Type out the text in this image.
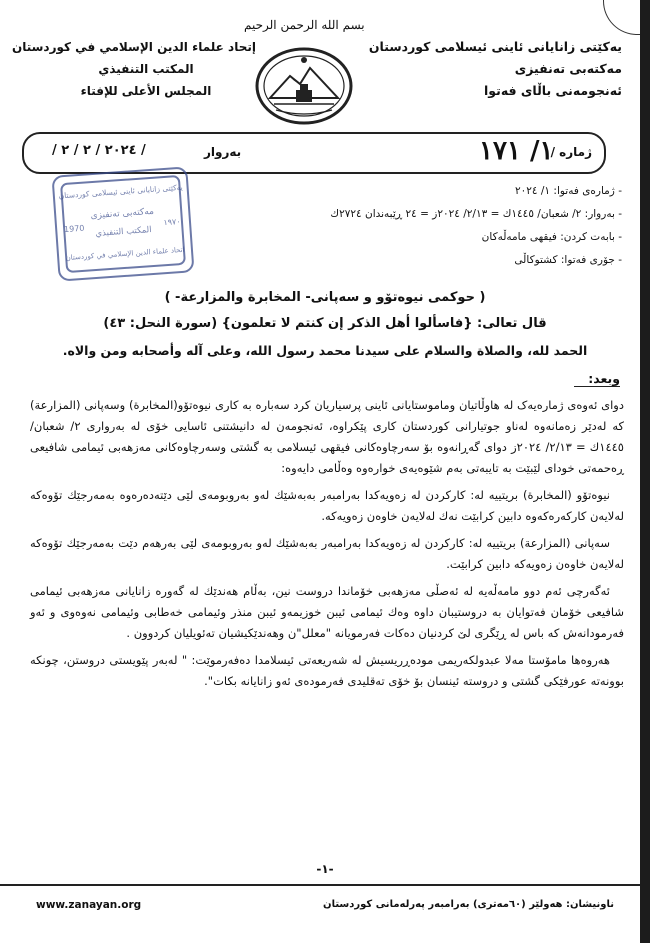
یەکێتی زانایانی ئاینی ئیسلامی کوردستان
مەکتەبی تەنفیزی
ئەنجومەنی باڵای فەتوا
إتحاد علماء الدين الإسلامي في كوردستان
المكتب التنفيذي
المجلس الأعلى للإفتاء
بسم الله الرحمن الرحيم
ژمارە /
١/ ١٧١
بەروار
/ ٢٠٢٤ / ٢ / ٢ /
یەکێتی زانایانی ئاینی ئیسلامی کوردستان
مەکتەبی تەنفیزی
المكتب التنفيذي
اتحاد علماء الدين الإسلامي في كوردستان
1970
١٩٧٠
- ژمارەی فەتوا: ١/ ٢٠٢٤
- بەروار: ٢/ شعبان/ ١٤٤٥ك = ٢/١٣/ ٢٠٢٤ز = ٢٤ ڕێبەندان ٢٧٢٤ك
- بابەت کردن: فیقهی مامەڵەکان
- جۆری فەتوا: کشتوکاڵی
( حوکمی نیوەتۆو و سەپانی- المخابرة والمزارعة- )
قال تعالى: {فاسألوا أهل الذكر إن كنتم لا تعلمون} (سورة النحل: ٤٣)
الحمد لله، والصلاة والسلام على سيدنا محمد رسول الله، وعلى آله وأصحابه ومن والاه.
وبعد:

دوای ئەوەی ژمارەیەک لە هاوڵاتیان وماموستایانی ئاینی پرسیاریان کرد سەبارە بە کاری نیوەتۆو(المخابرة) وسەپانی (المزارعة) کە لەدێر زەمانەوە لەناو جوتیارانی کوردستان کاری پێکراوە، ئەنجومەن لە دانیشتنی ئاسایی خۆی لە بەرواری ٢/ شعبان/ ١٤٤٥ك = ٢/١٣/ ٢٠٢٤ز دوای گەڕانەوە بۆ سەرچاوەکانی فیقهی ئیسلامی بە گشتی وسەرچاوەکانی مەزهەبی ئیمامی شافیعی ڕەحمەتی خودای لێبێت بە تایبەتی بەم شێوەیەی خوارەوە وەڵامی دایەوە:

نیوەتۆو (المخابرة) بریتییە لە: کارکردن لە زەویەکدا بەرامبەر بەبەشێك لەو بەروبومەی لێی دێتەدەرەوە بەمەرجێك تۆوەکە لەلایەن کارکەرەکەوە دابین کرابێت نەك لەلایەن خاوەن زەویەکە.

سەپانی (المزارعة) بریتییە لە: کارکردن لە زەویەکدا بەرامبەر بەبەشێك لەو بەروبومەی لێی بەرهەم دێت بەمەرجێك تۆوەکە لەلایەن خاوەن زەویەکە دابین کرابێت.

ئەگەرچی ئەم دوو مامەڵەیە لە ئەصڵی مەزهەبی خۆماندا دروست نین، بەڵام هەندێك لە گەورە زانایانی مەزهەبی ئیمامی شافیعی خۆمان فەتوایان بە دروستیبان داوە وەك ئیمامی ئیبن خوزیمەو ئیبن منذر وئیمامی خەطابی وئیمامی نەوەوی و ئەو فەرمودانەش کە باس لە ڕێگری لێ کردنیان دەکات فەرمویانە "معلل"ن وهەندێکیشیان تەئویلیان کردوون .

هەروەها مامۆستا مەلا عبدولکەریمی مودەڕریسیش لە شەریعەتی ئیسلامدا دەفەرموێت: " لەبەر پێویستی دروستن، چونکە بوونەتە عورفێکی گشتی و دروستە ئینسان بۆ خۆی تەقلیدی فەرمودەی ئەو زانایانە بکات".

-١-
ناونیشان: هەولێر (٦٠مەتری) بەرامبەر پەرلەمانی کوردستان
www.zanayan.org
